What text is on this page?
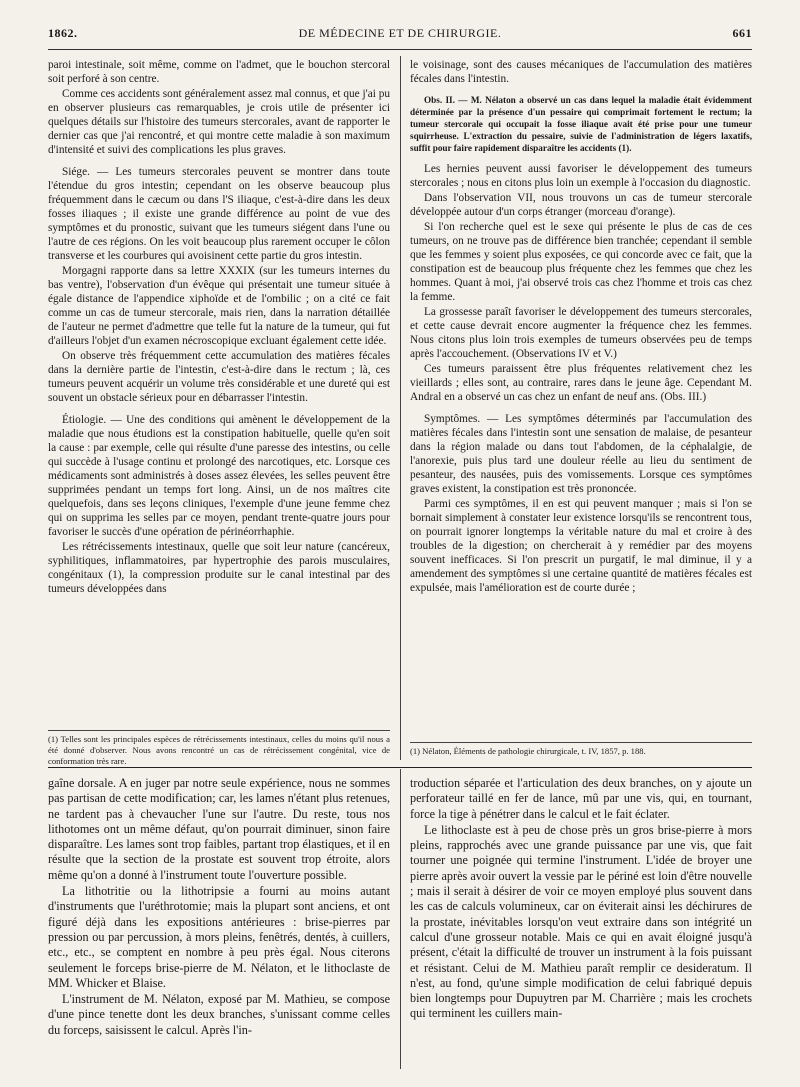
1862.	DE MÉDECINE ET DE CHIRURGIE.	661

paroi intestinale, soit même, comme on l'admet, que le bouchon stercoral soit perforé à son centre.

Comme ces accidents sont généralement assez mal connus, et que j'ai pu en observer plusieurs cas remarquables, je crois utile de présenter ici quelques détails sur l'histoire des tumeurs stercorales, avant de rapporter le dernier cas que j'ai rencontré, et qui montre cette maladie à son maximum d'intensité et suivi des complications les plus graves.

Siége. — Les tumeurs stercorales peuvent se montrer dans toute l'étendue du gros intestin; cependant on les observe beaucoup plus fréquemment dans le cæcum ou dans l'S iliaque, c'est-à-dire dans les deux fosses iliaques ; il existe une grande différence au point de vue des symptômes et du pronostic, suivant que les tumeurs siégent dans l'une ou l'autre de ces régions. On les voit beaucoup plus rarement occuper le côlon transverse et les courbures qui avoisinent cette partie du gros intestin.

Morgagni rapporte dans sa lettre XXXIX (sur les tumeurs internes du bas ventre), l'observation d'un évêque qui présentait une tumeur située à égale distance de l'appendice xiphoïde et de l'ombilic ; on a cité ce fait comme un cas de tumeur stercorale, mais rien, dans la narration détaillée de l'auteur ne permet d'admettre que telle fut la nature de la tumeur, qui fut d'ailleurs l'objet d'un examen nécroscopique excluant également cette idée.

On observe très fréquemment cette accumulation des matières fécales dans la dernière partie de l'intestin, c'est-à-dire dans le rectum ; là, ces tumeurs peuvent acquérir un volume très considérable et une dureté qui est souvent un obstacle sérieux pour en débarrasser l'intestin.

Étiologie. — Une des conditions qui amènent le développement de la maladie que nous étudions est la constipation habituelle, quelle qu'en soit la cause : par exemple, celle qui résulte d'une paresse des intestins, ou celle qui succède à l'usage continu et prolongé des narcotiques, etc. Lorsque ces médicaments sont administrés à doses assez élevées, les selles peuvent être supprimées pendant un temps fort long. Ainsi, un de nos maîtres cite quelquefois, dans ses leçons cliniques, l'exemple d'une jeune femme chez qui on supprima les selles par ce moyen, pendant trente-quatre jours pour favoriser le succès d'une opération de périnéorrhaphie.

Les rétrécissements intestinaux, quelle que soit leur nature (cancéreux, syphilitiques, inflammatoires, par hypertrophie des parois musculaires, congénitaux (1), la compression produite sur le canal intestinal par des tumeurs développées dans

(1) Telles sont les principales espèces de rétrécissements intestinaux, celles du moins qu'il nous a été donné d'observer. Nous avons rencontré un cas de rétrécissement congénital, vice de conformation très rare.

le voisinage, sont des causes mécaniques de l'accumulation des matières fécales dans l'intestin.

Obs. II. — M. Nélaton a observé un cas dans lequel la maladie était évidemment déterminée par la présence d'un pessaire qui comprimait fortement le rectum; la tumeur stercorale qui occupait la fosse iliaque avait été prise pour une tumeur squirrheuse. L'extraction du pessaire, suivie de l'administration de légers laxatifs, suffit pour faire rapidement disparaître les accidents (1).

Les hernies peuvent aussi favoriser le développement des tumeurs stercorales ; nous en citons plus loin un exemple à l'occasion du diagnostic.

Dans l'observation VII, nous trouvons un cas de tumeur stercorale développée autour d'un corps étranger (morceau d'orange).

Si l'on recherche quel est le sexe qui présente le plus de cas de ces tumeurs, on ne trouve pas de différence bien tranchée; cependant il semble que les femmes y soient plus exposées, ce qui concorde avec ce fait, que la constipation est de beaucoup plus fréquente chez les femmes que chez les hommes. Quant à moi, j'ai observé trois cas chez l'homme et trois cas chez la femme.

La grossesse paraît favoriser le développement des tumeurs stercorales, et cette cause devrait encore augmenter la fréquence chez les femmes. Nous citons plus loin trois exemples de tumeurs observées peu de temps après l'accouchement. (Observations IV et V.)

Ces tumeurs paraissent être plus fréquentes relativement chez les vieillards ; elles sont, au contraire, rares dans le jeune âge. Cependant M. Andral en a observé un cas chez un enfant de neuf ans. (Obs. III.)

Symptômes. — Les symptômes déterminés par l'accumulation des matières fécales dans l'intestin sont une sensation de malaise, de pesanteur dans la région malade ou dans tout l'abdomen, de la céphalalgie, de l'anorexie, puis plus tard une douleur réelle au lieu du sentiment de pesanteur, des nausées, puis des vomissements. Lorsque ces symptômes graves existent, la constipation est très prononcée.

Parmi ces symptômes, il en est qui peuvent manquer ; mais si l'on se bornait simplement à constater leur existence lorsqu'ils se rencontrent tous, on pourrait ignorer longtemps la véritable nature du mal et croire à des troubles de la digestion; on chercherait à y remédier par des moyens souvent inefficaces. Si l'on prescrit un purgatif, le mal diminue, il y a amendement des symptômes si une certaine quantité de matières fécales est expulsée, mais l'amélioration est de courte durée ;

(1) Nélaton, Éléments de pathologie chirurgicale, t. IV, 1857, p. 188.

gaîne dorsale. A en juger par notre seule expérience, nous ne sommes pas partisan de cette modification; car, les lames n'étant plus retenues, ne tardent pas à chevaucher l'une sur l'autre. Du reste, tous nos lithotomes ont un même défaut, qu'on pourrait diminuer, sinon faire disparaître. Les lames sont trop faibles, partant trop élastiques, et il en résulte que la section de la prostate est souvent trop étroite, alors même qu'on a donné à l'instrument toute l'ouverture possible.

La lithotritie ou la lithotripsie a fourni au moins autant d'instruments que l'uréthrotomie; mais la plupart sont anciens, et ont figuré déjà dans les expositions antérieures : brise-pierres par pression ou par percussion, à mors pleins, fenêtrés, dentés, à cuillers, etc., etc., se comptent en nombre à peu près égal. Nous citerons seulement le forceps brise-pierre de M. Nélaton, et le lithoclaste de MM. Whicker et Blaise.

L'instrument de M. Nélaton, exposé par M. Mathieu, se compose d'une pince tenette dont les deux branches, s'unissant comme celles du forceps, saisissent le calcul. Après l'in-

troduction séparée et l'articulation des deux branches, on y ajoute un perforateur taillé en fer de lance, mû par une vis, qui, en tournant, force la tige à pénétrer dans le calcul et le fait éclater.

Le lithoclaste est à peu de chose près un gros brise-pierre à mors pleins, rapprochés avec une grande puissance par une vis, que fait tourner une poignée qui termine l'instrument. L'idée de broyer une pierre après avoir ouvert la vessie par le périné est loin d'être nouvelle ; mais il serait à désirer de voir ce moyen employé plus souvent dans les cas de calculs volumineux, car on éviterait ainsi les déchirures de la prostate, inévitables lorsqu'on veut extraire dans son intégrité un calcul d'une grosseur notable. Mais ce qui en avait éloigné jusqu'à présent, c'était la difficulté de trouver un instrument à la fois puissant et résistant. Celui de M. Mathieu paraît remplir ce desideratum. Il n'est, au fond, qu'une simple modification de celui fabriqué depuis bien longtemps pour Dupuytren par M. Charrière ; mais les crochets qui terminent les cuillers main-
